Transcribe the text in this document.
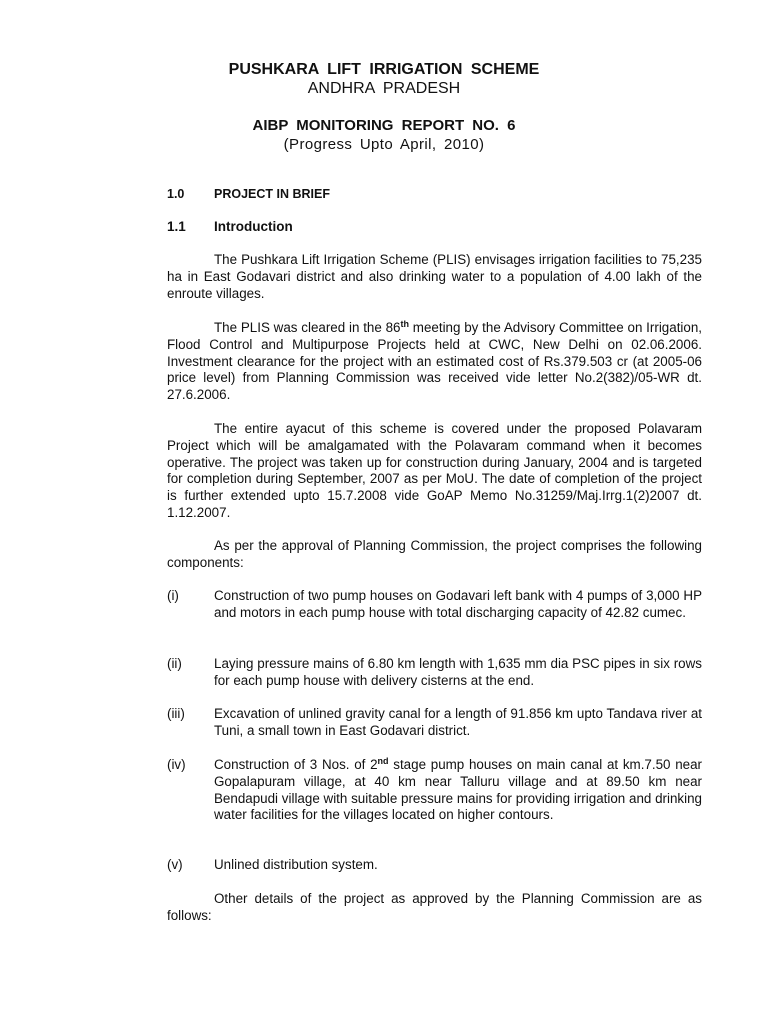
PUSHKARA LIFT IRRIGATION SCHEME
ANDHRA PRADESH
AIBP MONITORING REPORT NO. 6
(Progress Upto April, 2010)
1.0 PROJECT IN BRIEF
1.1 Introduction

The Pushkara Lift Irrigation Scheme (PLIS) envisages irrigation facilities to 75,235 ha in East Godavari district and also drinking water to a population of 4.00 lakh of the enroute villages.

The PLIS was cleared in the 86th meeting by the Advisory Committee on Irrigation, Flood Control and Multipurpose Projects held at CWC, New Delhi on 02.06.2006. Investment clearance for the project with an estimated cost of Rs.379.503 cr (at 2005-06 price level) from Planning Commission was received vide letter No.2(382)/05-WR dt. 27.6.2006.

The entire ayacut of this scheme is covered under the proposed Polavaram Project which will be amalgamated with the Polavaram command when it becomes operative. The project was taken up for construction during January, 2004 and is targeted for completion during September, 2007 as per MoU. The date of completion of the project is further extended upto 15.7.2008 vide GoAP Memo No.31259/Maj.Irrg.1(2)2007 dt. 1.12.2007.

As per the approval of Planning Commission, the project comprises the following components:

(i)	Construction of two pump houses on Godavari left bank with 4 pumps of 3,000 HP and motors in each pump house with total discharging capacity of 42.82 cumec.

(ii) Laying pressure mains of 6.80 km length with 1,635 mm dia PSC pipes in six rows for each pump house with delivery cisterns at the end.

(iii) Excavation of unlined gravity canal for a length of 91.856 km upto Tandava river at Tuni, a small town in East Godavari district.

(iv) Construction of 3 Nos. of 2nd stage pump houses on main canal at km.7.50 near Gopalapuram village, at 40 km near Talluru village and at 89.50 km near Bendapudi village with suitable pressure mains for providing irrigation and drinking water facilities for the villages located on higher contours.

(v) Unlined distribution system.

Other details of the project as approved by the Planning Commission are as follows:
